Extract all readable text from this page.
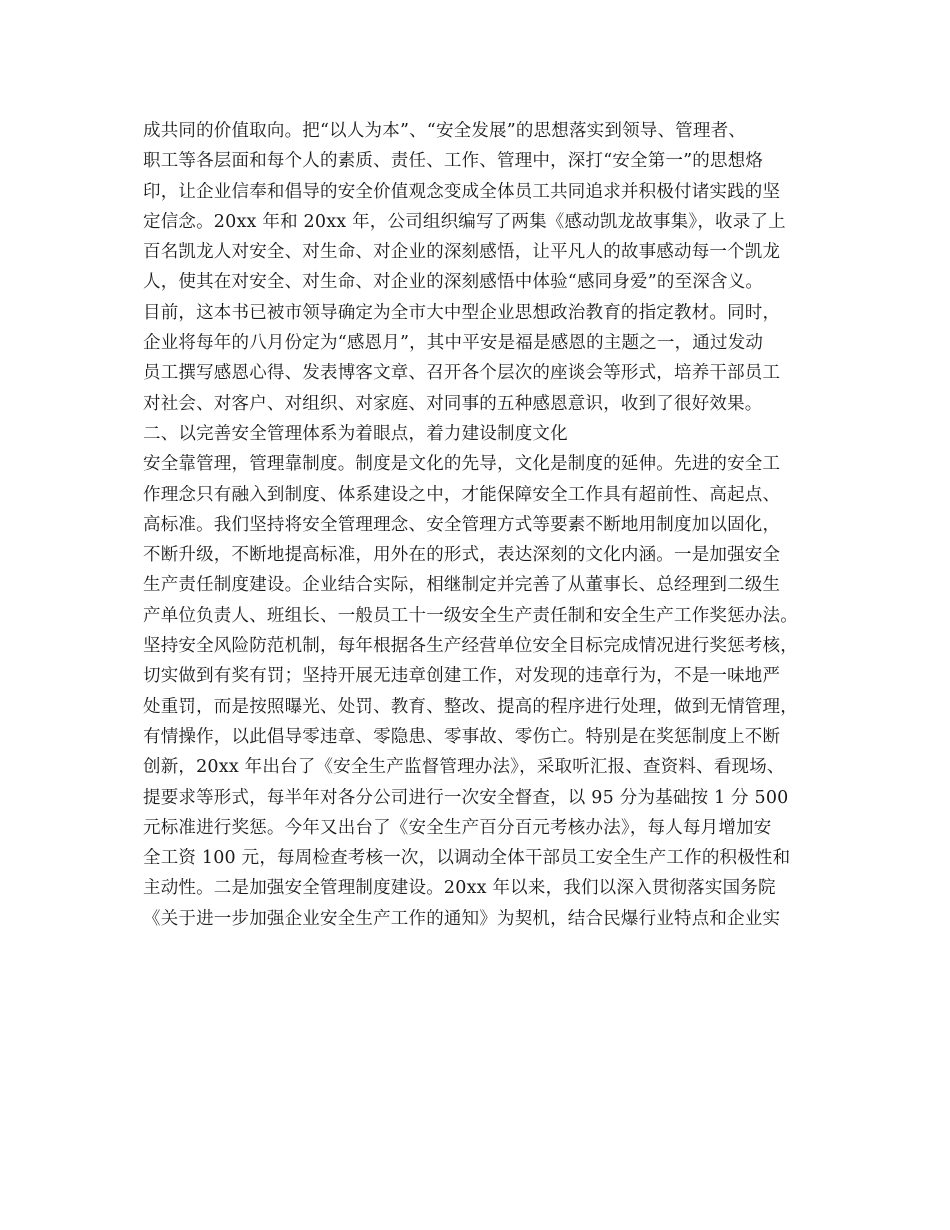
成共同的价值取向。把“以人为本”、“安全发展”的思想落实到领导、管理者、
职工等各层面和每个人的素质、责任、工作、管理中，深打“安全第一”的思想烙
印，让企业信奉和倡导的安全价值观念变成全体员工共同追求并积极付诸实践的坚
定信念。20xx 年和 20xx 年，公司组织编写了两集《感动凯龙故事集》，收录了上
百名凯龙人对安全、对生命、对企业的深刻感悟，让平凡人的故事感动每一个凯龙
人，使其在对安全、对生命、对企业的深刻感悟中体验“感同身爱”的至深含义。
目前，这本书已被市领导确定为全市大中型企业思想政治教育的指定教材。同时，
企业将每年的八月份定为“感恩月”，其中平安是福是感恩的主题之一，通过发动
员工撰写感恩心得、发表博客文章、召开各个层次的座谈会等形式，培养干部员工
对社会、对客户、对组织、对家庭、对同事的五种感恩意识，收到了很好效果。
二、以完善安全管理体系为着眼点，着力建设制度文化
安全靠管理，管理靠制度。制度是文化的先导，文化是制度的延伸。先进的安全工
作理念只有融入到制度、体系建设之中，才能保障安全工作具有超前性、高起点、
高标准。我们坚持将安全管理理念、安全管理方式等要素不断地用制度加以固化，
不断升级，不断地提高标准，用外在的形式，表达深刻的文化内涵。一是加强安全
生产责任制度建设。企业结合实际，相继制定并完善了从董事长、总经理到二级生
产单位负责人、班组长、一般员工十一级安全生产责任制和安全生产工作奖惩办法。
坚持安全风险防范机制，每年根据各生产经营单位安全目标完成情况进行奖惩考核，
切实做到有奖有罚；坚持开展无违章创建工作，对发现的违章行为，不是一味地严
处重罚，而是按照曝光、处罚、教育、整改、提高的程序进行处理，做到无情管理，
有情操作，以此倡导零违章、零隐患、零事故、零伤亡。特别是在奖惩制度上不断
创新，20xx 年出台了《安全生产监督管理办法》，采取听汇报、查资料、看现场、
提要求等形式，每半年对各分公司进行一次安全督查，以 95 分为基础按 1 分 500
元标准进行奖惩。今年又出台了《安全生产百分百元考核办法》，每人每月增加安
全工资 100 元，每周检查考核一次，以调动全体干部员工安全生产工作的积极性和
主动性。二是加强安全管理制度建设。20xx 年以来，我们以深入贯彻落实国务院
《关于进一步加强企业安全生产工作的通知》为契机，结合民爆行业特点和企业实
